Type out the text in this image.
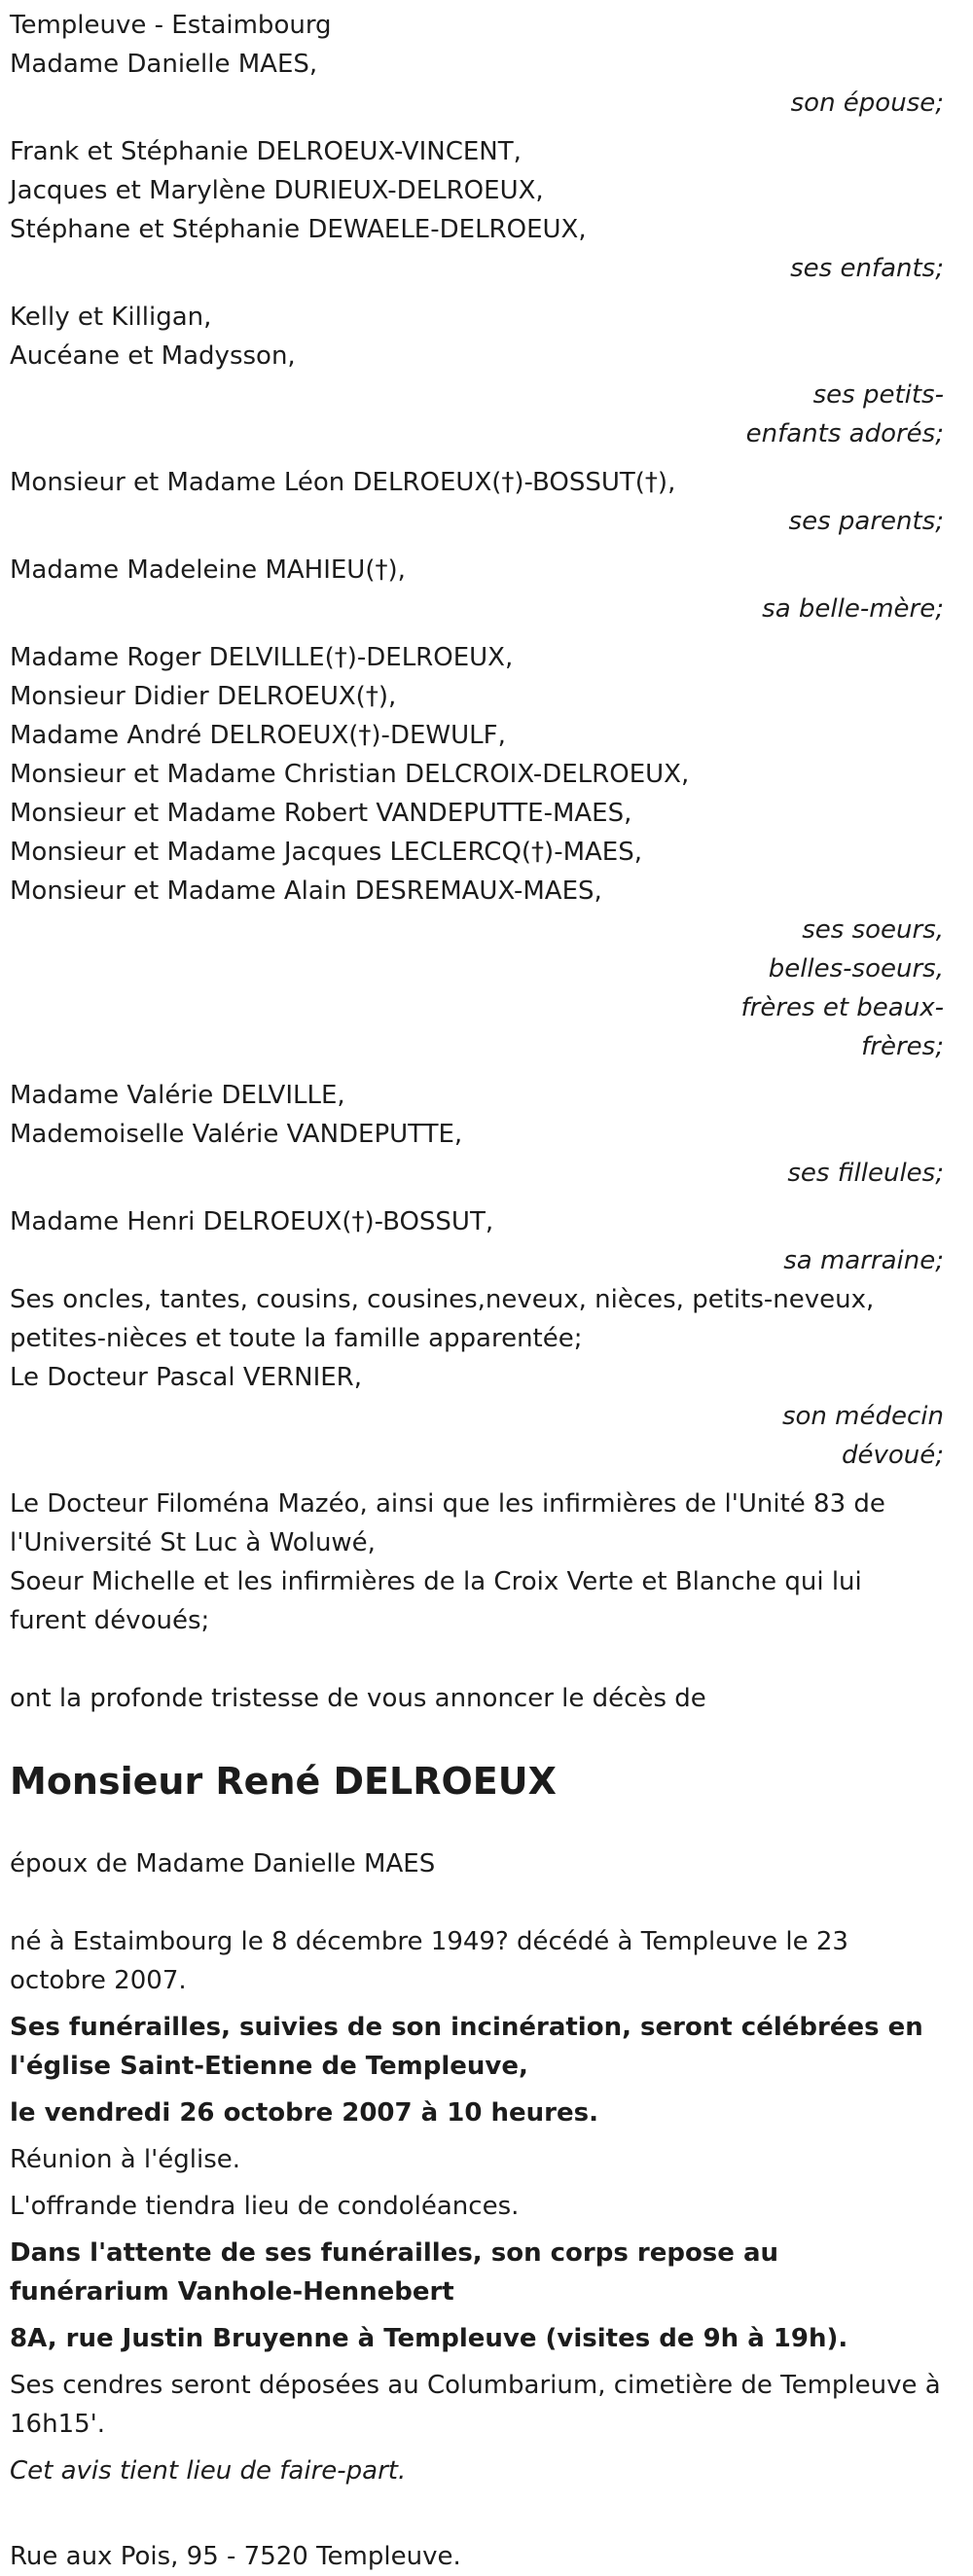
Templeuve - Estaimbourg

Madame Danielle MAES,

son épouse;

Frank et Stéphanie DELROEUX-VINCENT,

Jacques et Marylène DURIEUX-DELROEUX,

Stéphane et Stéphanie DEWAELE-DELROEUX,

ses enfants;

Kelly et Killigan,

Aucéane et Madysson,

ses petits-enfants adorés;

Monsieur et Madame Léon DELROEUX(†)-BOSSUT(†),

ses parents;

Madame Madeleine MAHIEU(†),

sa belle-mère;

Madame Roger DELVILLE(†)-DELROEUX,

Monsieur Didier DELROEUX(†),

Madame André DELROEUX(†)-DEWULF,

Monsieur et Madame Christian DELCROIX-DELROEUX,

Monsieur et Madame Robert VANDEPUTTE-MAES,

Monsieur et Madame Jacques LECLERCQ(†)-MAES,

Monsieur et Madame Alain DESREMAUX-MAES,

ses soeurs, belles-soeurs, frères et beaux-frères;

Madame Valérie DELVILLE,

Mademoiselle Valérie VANDEPUTTE,

ses filleules;

Madame Henri DELROEUX(†)-BOSSUT,

sa marraine;

Ses oncles, tantes, cousins, cousines,neveux, nièces, petits-neveux, petites-nièces et toute la famille apparentée;

Le Docteur Pascal VERNIER,

son médecin dévoué;

Le Docteur Filoména Mazéo, ainsi que les infirmières de l'Unité 83 de l'Université St Luc à Woluwé,

Soeur Michelle et les infirmières de la Croix Verte et Blanche qui lui furent dévoués;

ont la profonde tristesse de vous annoncer le décès de

Monsieur René DELROEUX

époux de Madame Danielle MAES

né à Estaimbourg le 8 décembre 1949? décédé à Templeuve le 23 octobre 2007.

Ses funérailles, suivies de son incinération, seront célébrées en l'église Saint-Etienne de Templeuve,

le vendredi 26 octobre 2007 à 10 heures.

Réunion à l'église.

L'offrande tiendra lieu de condoléances.

Dans l'attente de ses funérailles, son corps repose au funérarium Vanhole-Hennebert

8A, rue Justin Bruyenne à Templeuve (visites de 9h à 19h).

Ses cendres seront déposées au Columbarium, cimetière de Templeuve à 16h15'.

Cet avis tient lieu de faire-part.

Rue aux Pois, 95 - 7520 Templeuve.
